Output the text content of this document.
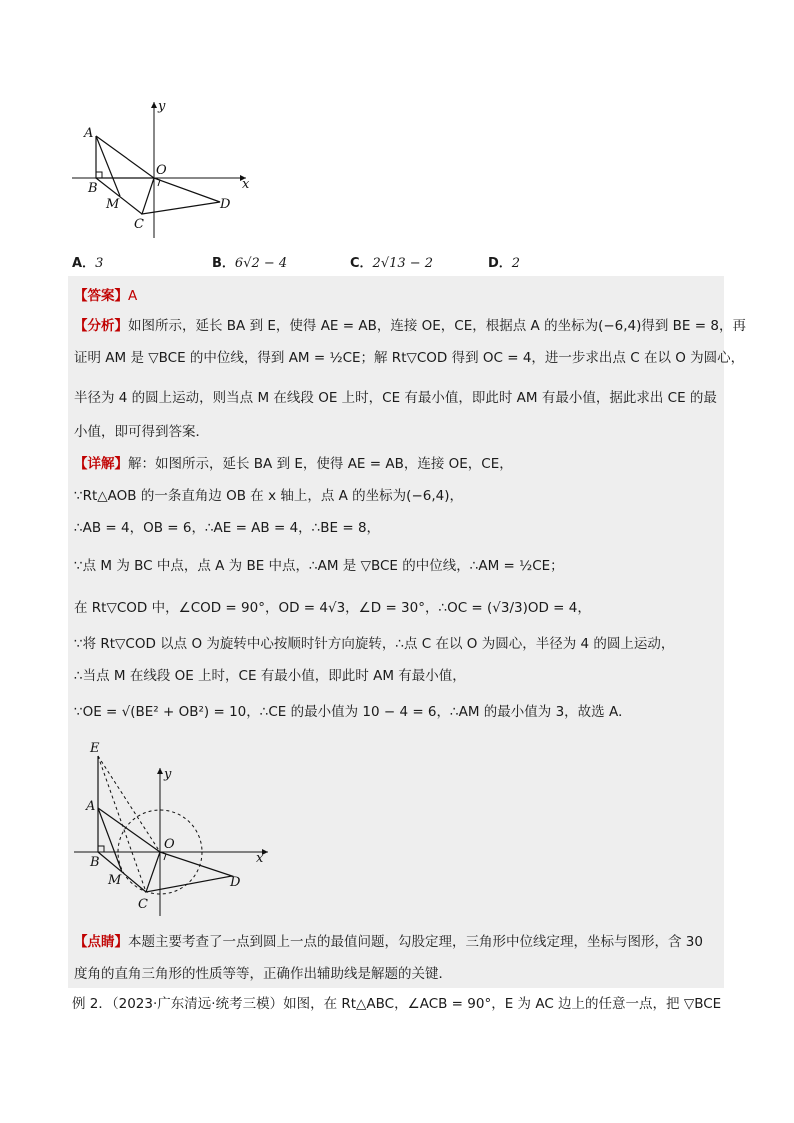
A
B
M
C
O
D
x
y
A．3	B．6√2 − 4	C．2√13 − 2	D．2
【答案】A
【分析】如图所示，延长 BA 到 E，使得 AE = AB，连接 OE，CE，根据点 A 的坐标为(−6,4)得到 BE = 8，再
证明 AM 是 ▽BCE 的中位线，得到 AM = ½CE；解 Rt▽COD 得到 OC = 4，进一步求出点 C 在以 O 为圆心，
半径为 4 的圆上运动，则当点 M 在线段 OE 上时，CE 有最小值，即此时 AM 有最小值，据此求出 CE 的最
小值，即可得到答案．
【详解】解：如图所示，延长 BA 到 E，使得 AE = AB，连接 OE，CE，
∵Rt△AOB 的一条直角边 OB 在 x 轴上，点 A 的坐标为(−6,4)，
∴AB = 4，OB = 6，∴AE = AB = 4，∴BE = 8，
∵点 M 为 BC 中点，点 A 为 BE 中点，∴AM 是 ▽BCE 的中位线，∴AM = ½CE；
在 Rt▽COD 中，∠COD = 90°，OD = 4√3，∠D = 30°，∴OC = (√3/3)OD = 4，
∵将 Rt▽COD 以点 O 为旋转中心按顺时针方向旋转，∴点 C 在以 O 为圆心，半径为 4 的圆上运动，
∴当点 M 在线段 OE 上时，CE 有最小值，即此时 AM 有最小值，
∵OE = √(BE² + OB²) = 10，∴CE 的最小值为 10 − 4 = 6，∴AM 的最小值为 3，故选 A．
E
A
B
M
C
O
D
x
y
【点睛】本题主要考查了一点到圆上一点的最值问题，勾股定理，三角形中位线定理，坐标与图形，含 30
度角的直角三角形的性质等等，正确作出辅助线是解题的关键．
例 2．（2023·广东清远·统考三模）如图，在 Rt△ABC，∠ACB = 90°，E 为 AC 边上的任意一点，把 ▽BCE
